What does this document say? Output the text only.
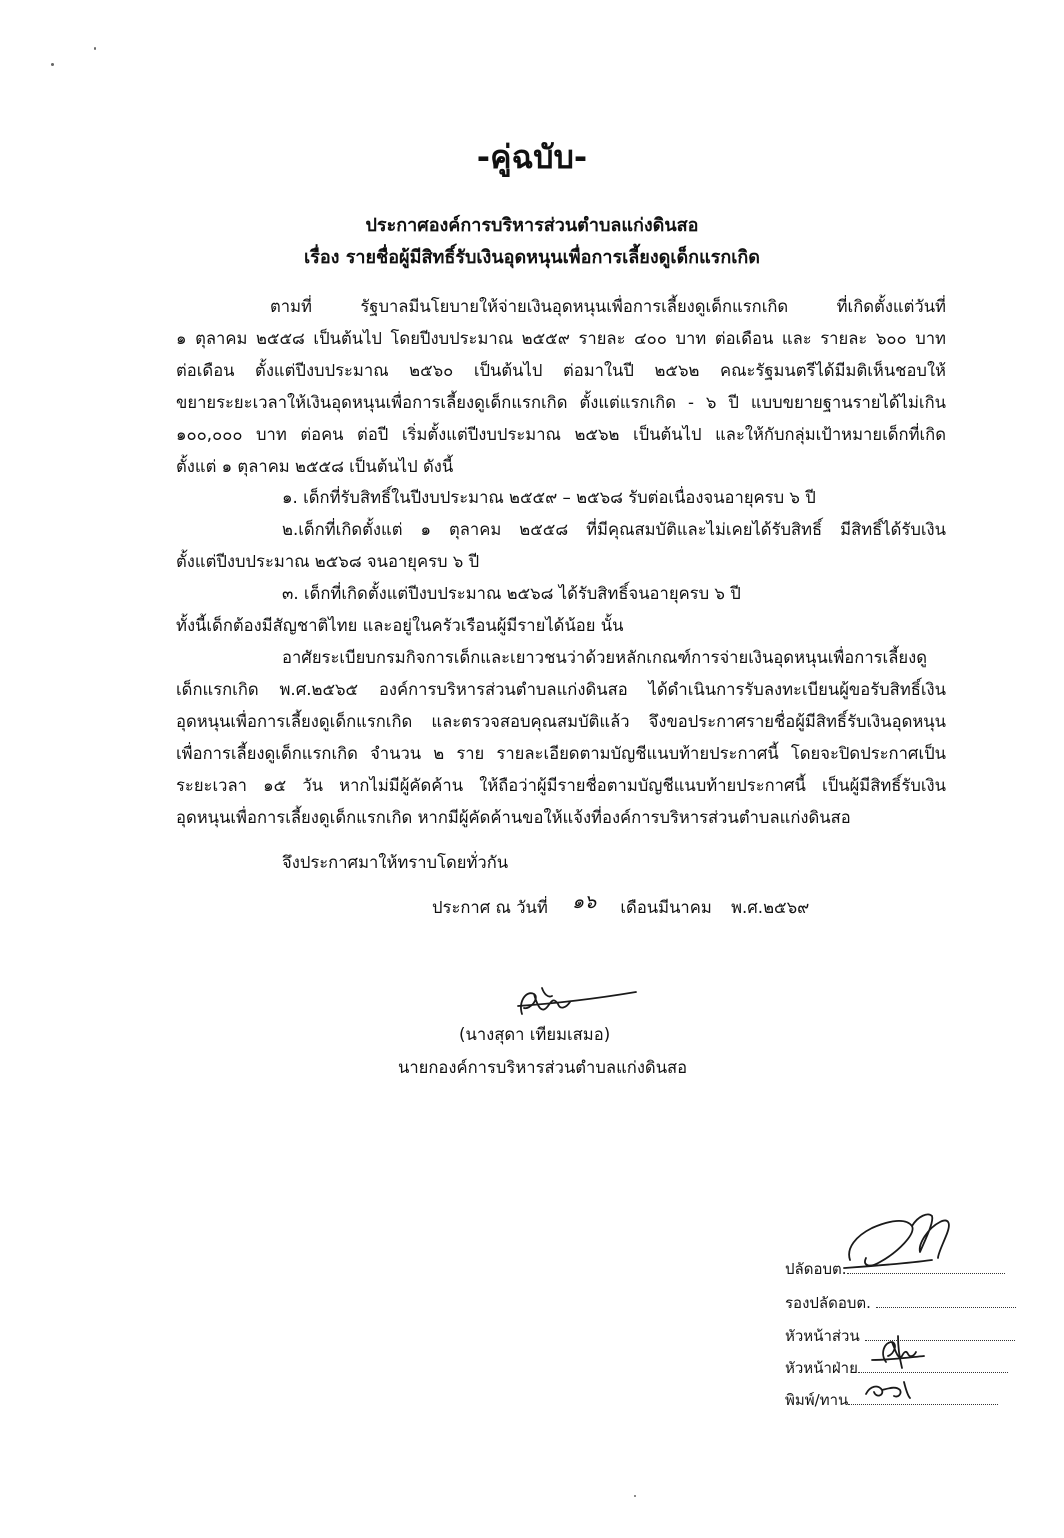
-คู่ฉบับ-
ประกาศองค์การบริหารส่วนตำบลแก่งดินสอ
เรื่อง รายชื่อผู้มีสิทธิ์รับเงินอุดหนุนเพื่อการเลี้ยงดูเด็กแรกเกิด
ตามที่ รัฐบาลมีนโยบายให้จ่ายเงินอุดหนุนเพื่อการเลี้ยงดูเด็กแรกเกิด ที่เกิดตั้งแต่วันที่
๑ ตุลาคม ๒๕๕๘ เป็นต้นไป โดยปีงบประมาณ ๒๕๕๙ รายละ ๔๐๐ บาท ต่อเดือน และ รายละ ๖๐๐ บาท
ต่อเดือน ตั้งแต่ปีงบประมาณ ๒๕๖๐ เป็นต้นไป ต่อมาในปี ๒๕๖๒ คณะรัฐมนตรีได้มีมติเห็นชอบให้
ขยายระยะเวลาให้เงินอุดหนุนเพื่อการเลี้ยงดูเด็กแรกเกิด ตั้งแต่แรกเกิด - ๖ ปี แบบขยายฐานรายได้ไม่เกิน
๑๐๐,๐๐๐ บาท ต่อคน ต่อปี เริ่มตั้งแต่ปีงบประมาณ ๒๕๖๒ เป็นต้นไป และให้กับกลุ่มเป้าหมายเด็กที่เกิด
ตั้งแต่ ๑ ตุลาคม ๒๕๕๘ เป็นต้นไป ดังนี้
๑. เด็กที่รับสิทธิ์ในปีงบประมาณ ๒๕๕๙ – ๒๕๖๘ รับต่อเนื่องจนอายุครบ ๖ ปี
๒.เด็กที่เกิดตั้งแต่ ๑ ตุลาคม ๒๕๕๘ ที่มีคุณสมบัติและไม่เคยได้รับสิทธิ์ มีสิทธิ์ได้รับเงิน
ตั้งแต่ปีงบประมาณ ๒๕๖๘ จนอายุครบ ๖ ปี
๓. เด็กที่เกิดตั้งแต่ปีงบประมาณ ๒๕๖๘ ได้รับสิทธิ์จนอายุครบ ๖ ปี
ทั้งนี้เด็กต้องมีสัญชาติไทย และอยู่ในครัวเรือนผู้มีรายได้น้อย นั้น
อาศัยระเบียบกรมกิจการเด็กและเยาวชนว่าด้วยหลักเกณฑ์การจ่ายเงินอุดหนุนเพื่อการเลี้ยงดู
เด็กแรกเกิด พ.ศ.๒๕๖๕ องค์การบริหารส่วนตำบลแก่งดินสอ ได้ดำเนินการรับลงทะเบียนผู้ขอรับสิทธิ์เงิน
อุดหนุนเพื่อการเลี้ยงดูเด็กแรกเกิด และตรวจสอบคุณสมบัติแล้ว จึงขอประกาศรายชื่อผู้มีสิทธิ์รับเงินอุดหนุน
เพื่อการเลี้ยงดูเด็กแรกเกิด จำนวน ๒ ราย รายละเอียดตามบัญชีแนบท้ายประกาศนี้ โดยจะปิดประกาศเป็น
ระยะเวลา ๑๕ วัน หากไม่มีผู้คัดค้าน ให้ถือว่าผู้มีรายชื่อตามบัญชีแนบท้ายประกาศนี้ เป็นผู้มีสิทธิ์รับเงิน
อุดหนุนเพื่อการเลี้ยงดูเด็กแรกเกิด หากมีผู้คัดค้านขอให้แจ้งที่องค์การบริหารส่วนตำบลแก่งดินสอ
จึงประกาศมาให้ทราบโดยทั่วกัน
ประกาศ ณ วันที่ ๑๖ เดือนมีนาคม พ.ศ.๒๕๖๙
(นางสุดา เทียมเสมอ)
นายกองค์การบริหารส่วนตำบลแก่งดินสอ
ปลัดอบต.
รองปลัดอบต.
หัวหน้าส่วน
หัวหน้าฝ่าย
พิมพ์/ทาน
